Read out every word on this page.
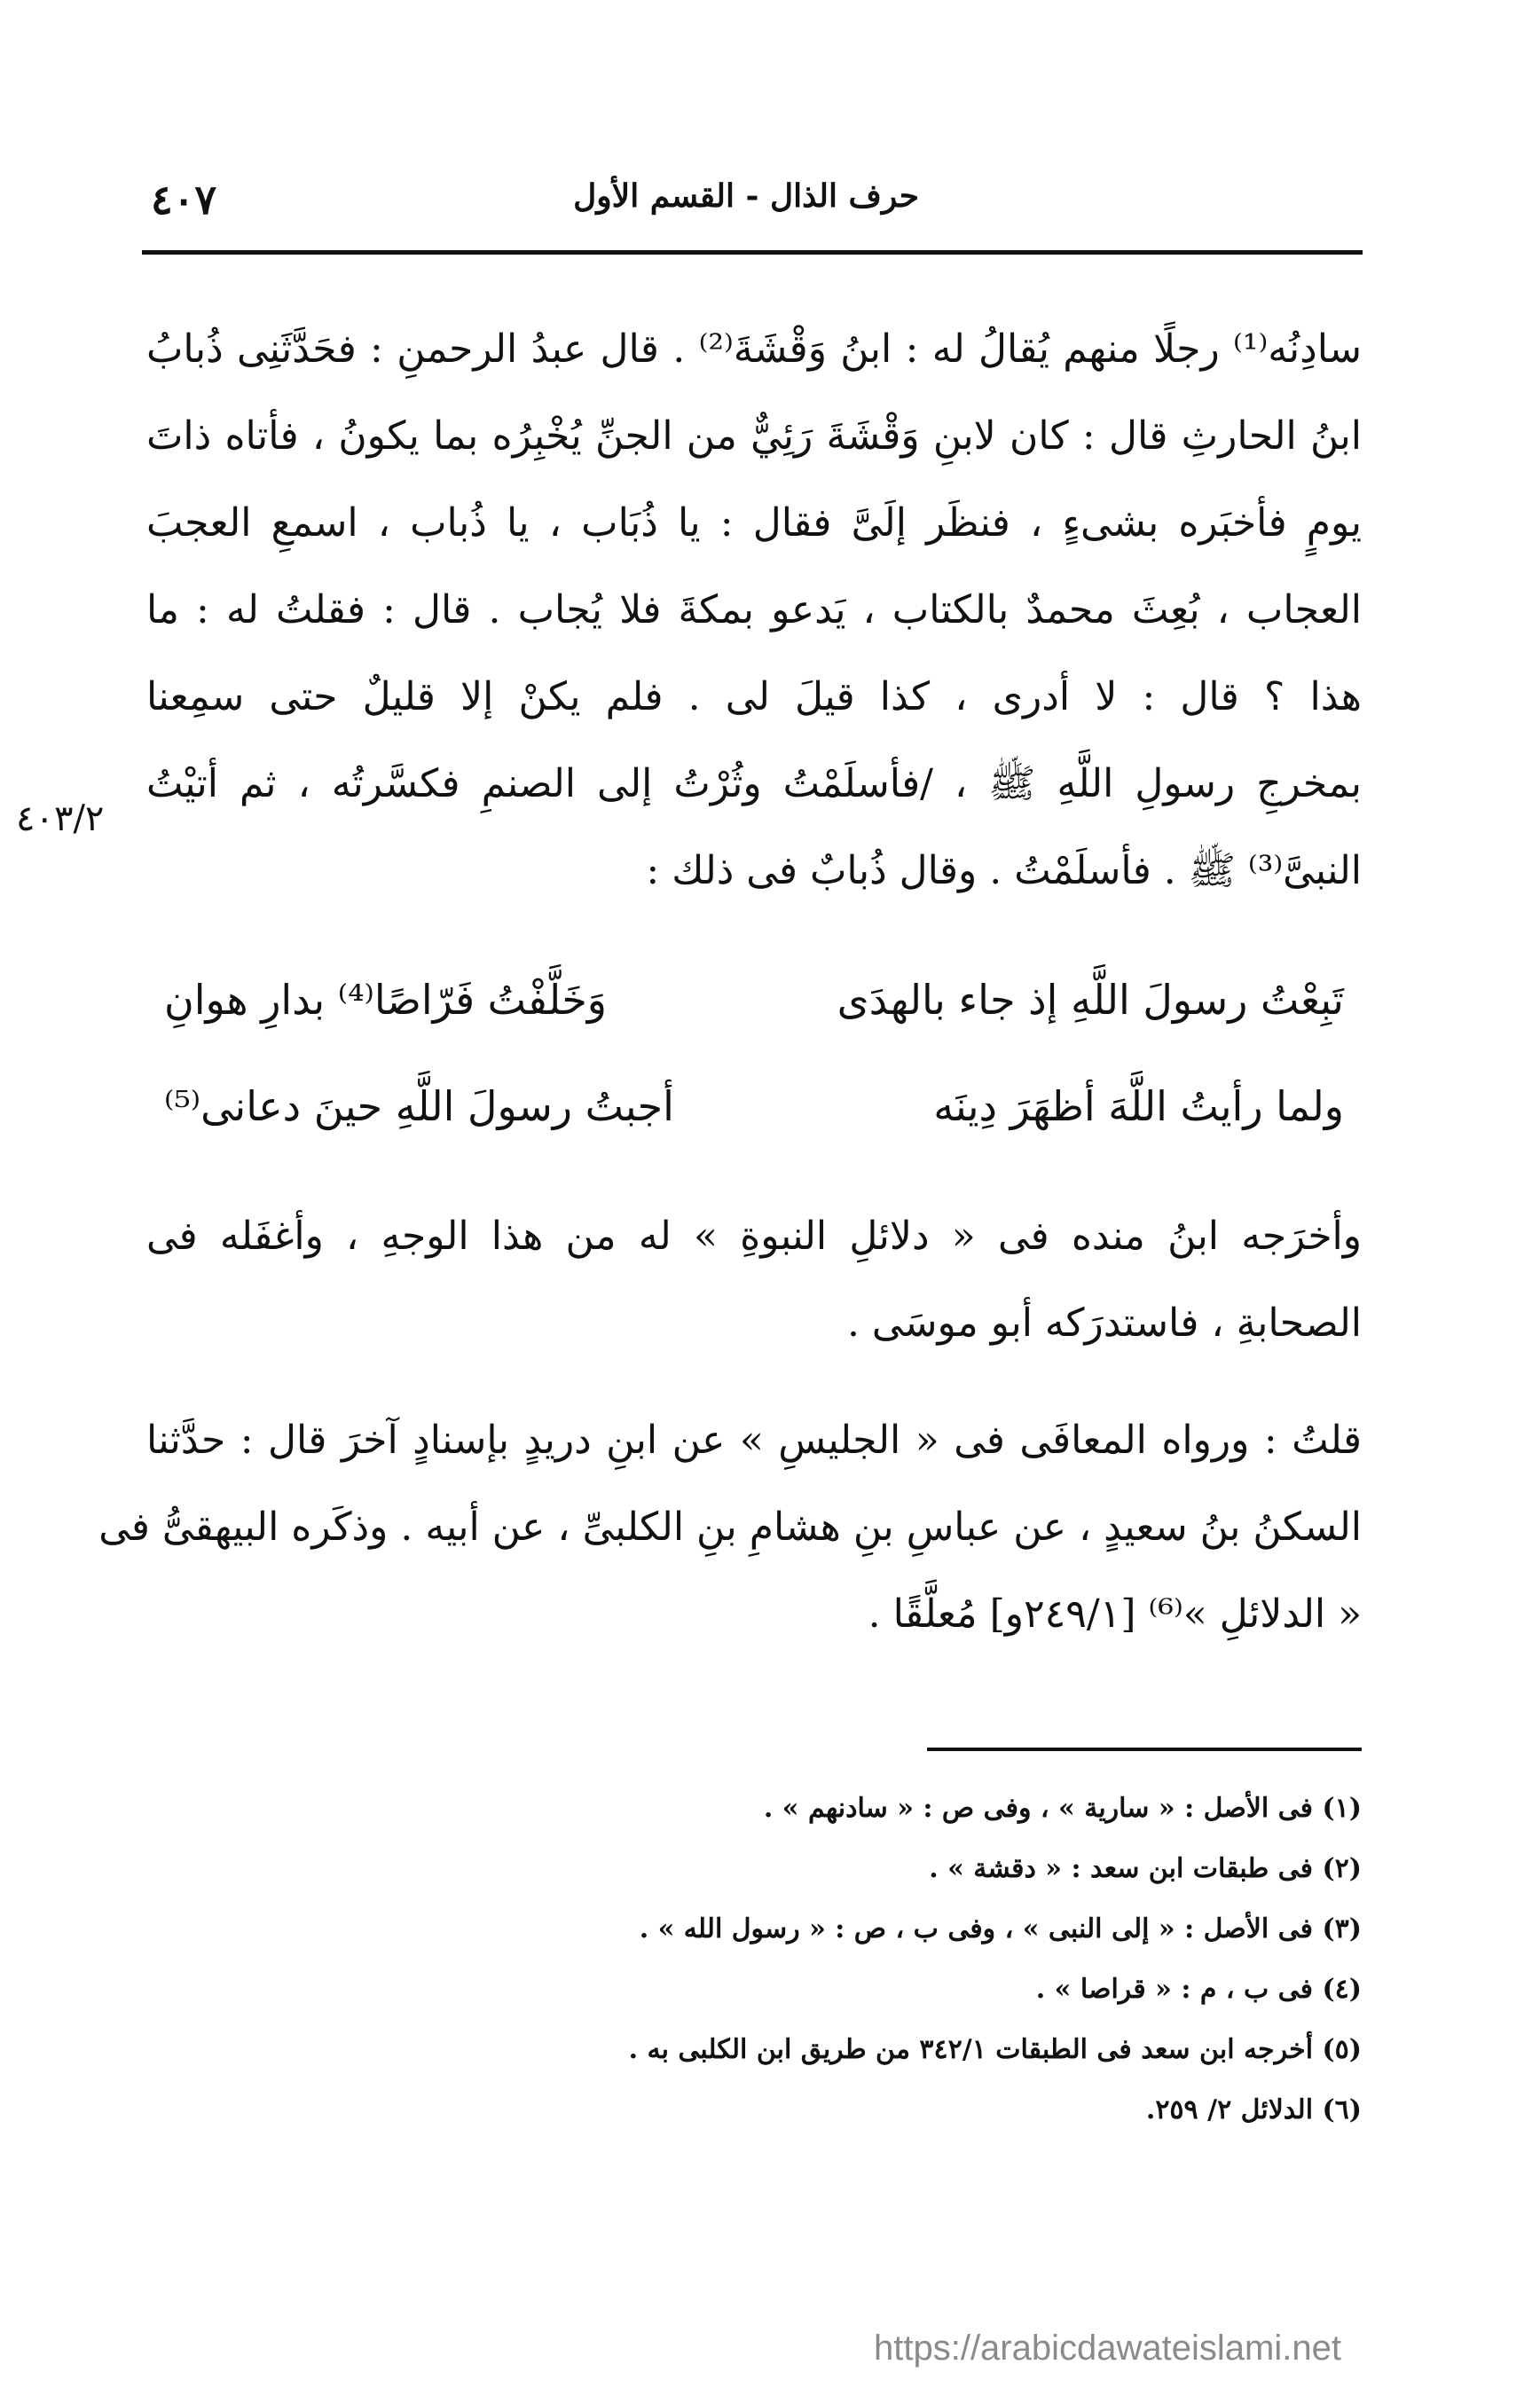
٤٠٧	حرف الذال - القسم الأول
٤٠٣/٢
سادِنُه⁽¹⁾ رجلًا منهم يُقالُ له : ابنُ وَقْشَةَ⁽²⁾ . قال عبدُ الرحمنِ : فحَدَّثَنِى ذُبابُ
ابنُ الحارثِ قال : كان لابنِ وَقْشَةَ رَئِيٌّ من الجنِّ يُخْبِرُه بما يكونُ ، فأتاه ذاتَ
يومٍ فأخبَره بشىءٍ ، فنظَر إلَىَّ فقال : يا ذُبَاب ، يا ذُباب ، اسمعِ العجبَ
العجاب ، بُعِثَ محمدٌ بالكتاب ، يَدعو بمكةَ فلا يُجاب . قال : فقلتُ له : ما
هذا ؟ قال : لا أدرى ، كذا قيلَ لى . فلم يكنْ إلا قليلٌ حتى سمِعنا
بمخرجِ رسولِ اللَّهِ ﷺ ، /فأسلَمْتُ وثُرْتُ إلى الصنمِ فكسَّرتُه ، ثم أتيْتُ
النبىَّ⁽³⁾ ﷺ . فأسلَمْتُ . وقال ذُبابٌ فى ذلك :
تَبِعْتُ رسولَ اللَّهِ إذ جاء بالهدَى
وَخَلَّفْتُ فَرّاصًا⁽⁴⁾ بدارِ هوانِ
ولما رأيتُ اللَّهَ أظهَرَ دِينَه
أجبتُ رسولَ اللَّهِ حينَ دعانى⁽⁵⁾
وأخرَجه ابنُ منده فى « دلائلِ النبوةِ » له من هذا الوجهِ ، وأغفَله فى
الصحابةِ ، فاستدرَكه أبو موسَى .
قلتُ : ورواه المعافَى فى « الجليسِ » عن ابنِ دريدٍ بإسنادٍ آخرَ قال : حدَّثنا
السكنُ بنُ سعيدٍ ، عن عباسِ بنِ هشامِ بنِ الكلبىِّ ، عن أبيه . وذكَره البيهقىُّ فى
« الدلائلِ »⁽⁶⁾ [٢٤٩/١و] مُعلَّقًا .
(١) فى الأصل : « سارية » ، وفى ص : « سادنهم » .
(٢) فى طبقات ابن سعد : « دقشة » .
(٣) فى الأصل : « إلى النبى » ، وفى ب ، ص : « رسول الله » .
(٤) فى ب ، م : « قراصا » .
(٥) أخرجه ابن سعد فى الطبقات ٣٤٢/١ من طريق ابن الكلبى به .
(٦) الدلائل ٢/ ٢٥٩.
https://arabicdawateislami.net
